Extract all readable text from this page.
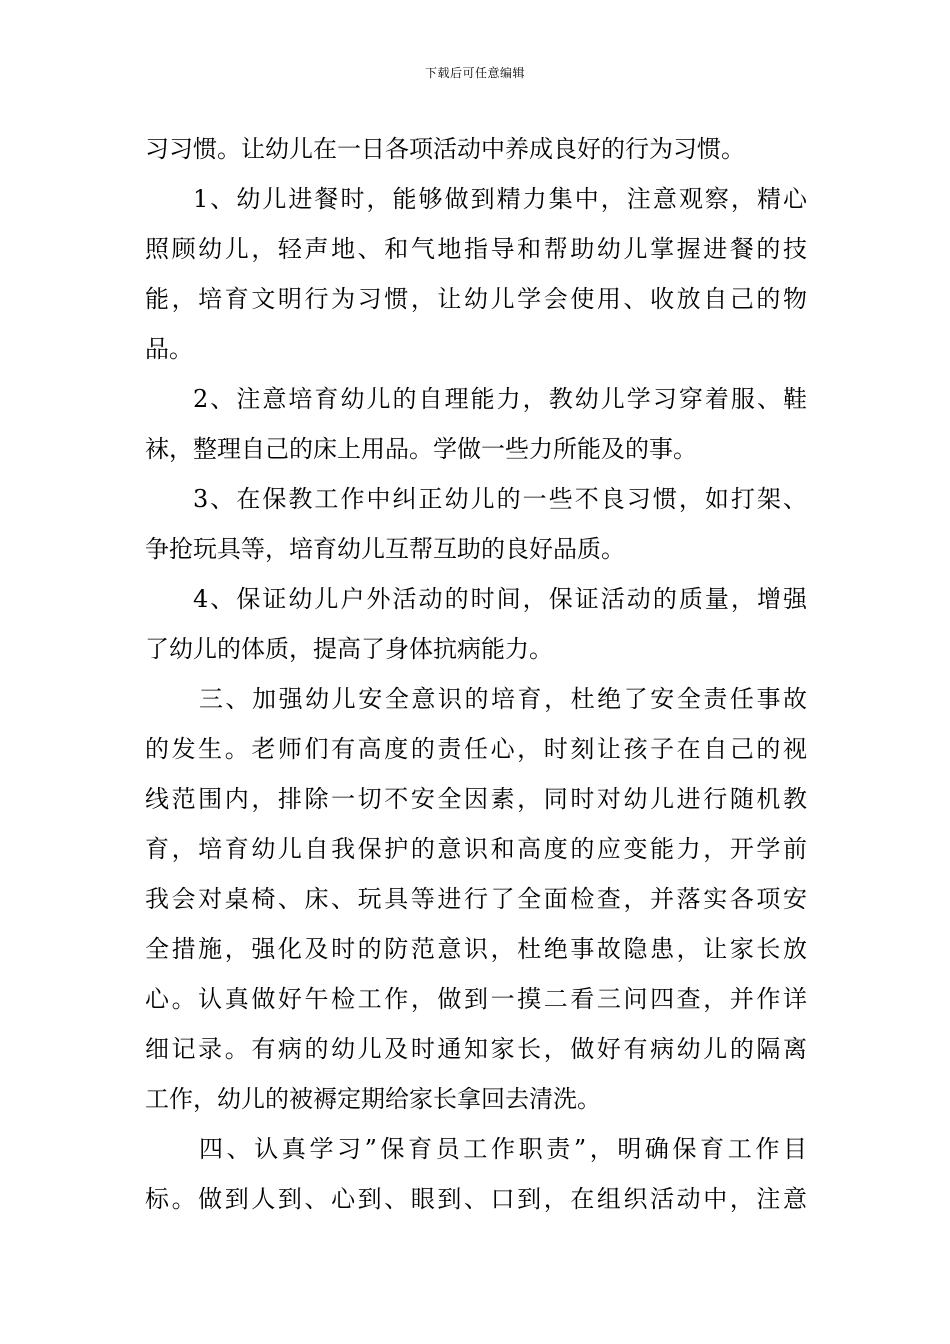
下载后可任意编辑
习习惯。让幼儿在一日各项活动中养成良好的行为习惯。
1、幼儿进餐时，能够做到精力集中，注意观察，精心
照顾幼儿，轻声地、和气地指导和帮助幼儿掌握进餐的技
能，培育文明行为习惯，让幼儿学会使用、收放自己的物
品。
2、注意培育幼儿的自理能力，教幼儿学习穿着服、鞋
袜，整理自己的床上用品。学做一些力所能及的事。
3、在保教工作中纠正幼儿的一些不良习惯，如打架、
争抢玩具等，培育幼儿互帮互助的良好品质。
4、保证幼儿户外活动的时间，保证活动的质量，增强
了幼儿的体质，提高了身体抗病能力。
三、加强幼儿安全意识的培育，杜绝了安全责任事故
的发生。老师们有高度的责任心，时刻让孩子在自己的视
线范围内，排除一切不安全因素，同时对幼儿进行随机教
育，培育幼儿自我保护的意识和高度的应变能力，开学前
我会对桌椅、床、玩具等进行了全面检查，并落实各项安
全措施，强化及时的防范意识，杜绝事故隐患，让家长放
心。认真做好午检工作，做到一摸二看三问四查，并作详
细记录。有病的幼儿及时通知家长，做好有病幼儿的隔离
工作，幼儿的被褥定期给家长拿回去清洗。
四、认真学习”保育员工作职责”，明确保育工作目
标。做到人到、心到、眼到、口到，在组织活动中，注意
